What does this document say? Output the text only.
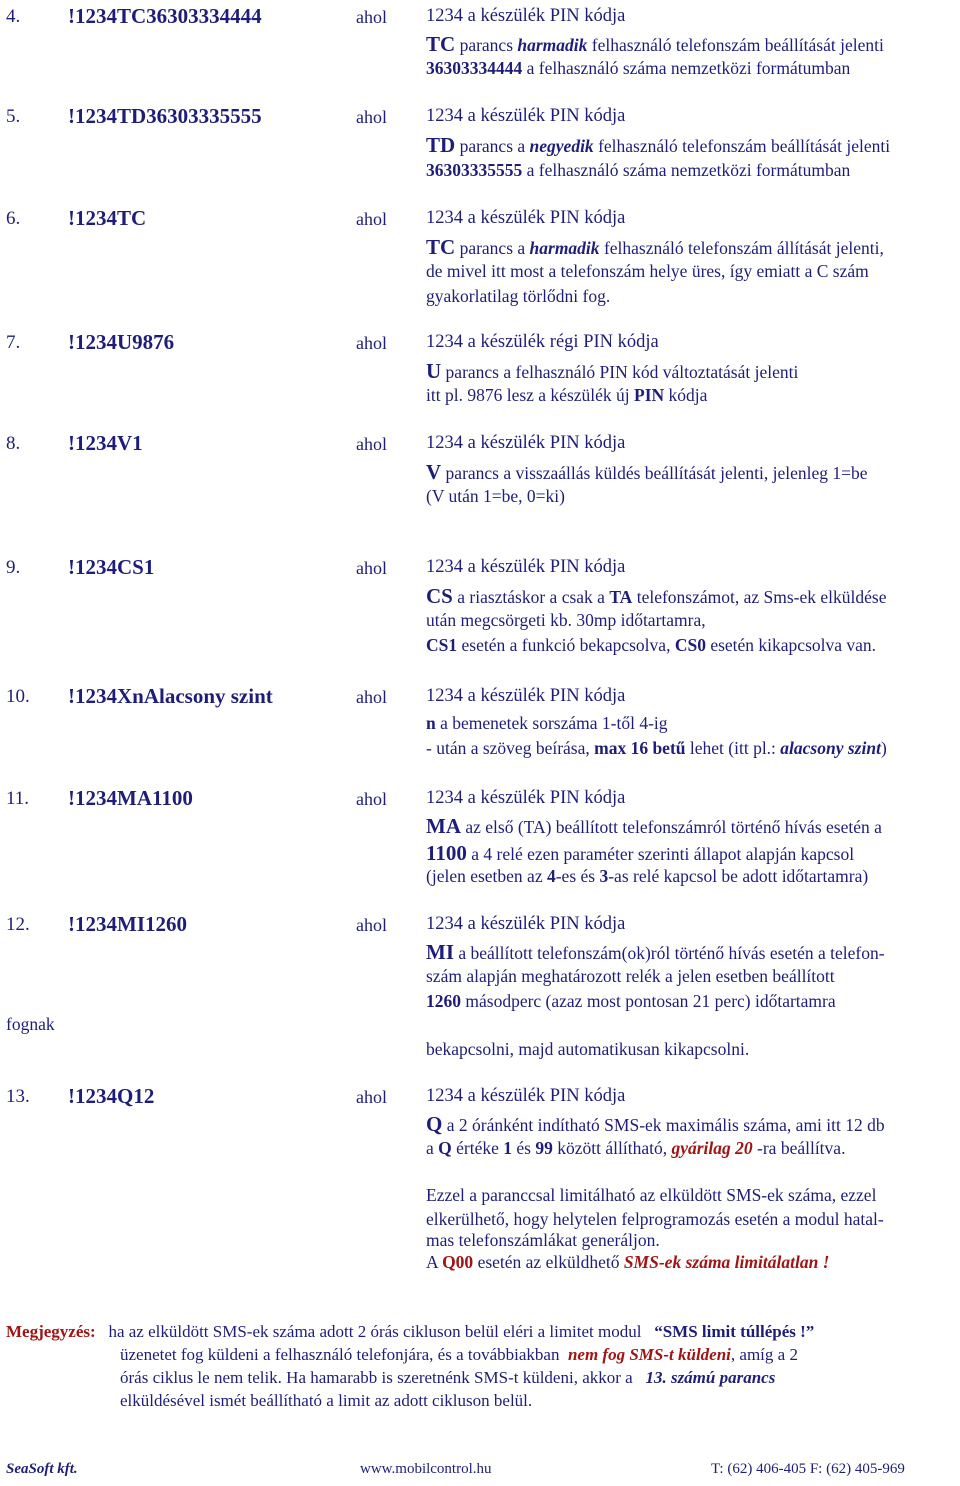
4. !1234TC36303334444	ahol 1234 a készülék PIN kódja
TC parancs harmadik felhasználó telefonszám beállítását jelenti
36303334444 a felhasználó száma nemzetközi formátumban
5. !1234TD36303335555	ahol 1234 a készülék PIN kódja
TD parancs a negyedik felhasználó telefonszám beállítását jelenti
36303335555 a felhasználó száma nemzetközi formátumban
6. !1234TC	ahol 1234 a készülék PIN kódja
TC parancs a harmadik felhasználó telefonszám állítását jelenti,
de mivel itt most a telefonszám helye üres, így emiatt a C szám
gyakorlatilag törlődni fog.
7. !1234U9876	ahol 1234 a készülék régi PIN kódja
U parancs a felhasználó PIN kód változtatását jelenti
itt pl. 9876 lesz a készülék új PIN kódja
8. !1234V1	ahol 1234 a készülék PIN kódja
V parancs a visszaállás küldés beállítását jelenti, jelenleg 1=be
(V után 1=be, 0=ki)
9. !1234CS1	ahol 1234 a készülék PIN kódja
CS a riasztáskor a csak a TA telefonszámot, az Sms-ek elküldése
után megcsörgeti kb. 30mp időtartamra,
CS1 esetén a funkció bekapcsolva, CS0 esetén kikapcsolva van.
10. !1234XnAlacsony szint	ahol 1234 a készülék PIN kódja
n a bemenetek sorszáma 1-től 4-ig
- után a szöveg beírása, max 16 betű lehet (itt pl.: alacsony szint)
11. !1234MA1100	ahol 1234 a készülék PIN kódja
MA az első (TA) beállított telefonszámról történő hívás esetén a
1100 a 4 relé ezen paraméter szerinti állapot alapján kapcsol
(jelen esetben az 4-es és 3-as relé kapcsol be adott időtartamra)
12. !1234MI1260	ahol 1234 a készülék PIN kódja
MI a beállított telefonszám(ok)ról történő hívás esetén a telefon-
szám alapján meghatározott relék a jelen esetben beállított
1260 másodperc (azaz most pontosan 21 perc) időtartamra
fognak
bekapcsolni, majd automatikusan kikapcsolni.
13. !1234Q12	ahol 1234 a készülék PIN kódja
Q a 2 óránként indítható SMS-ek maximális száma, ami itt 12 db
a Q értéke 1 és 99 között állítható, gyárilag 20 -ra beállítva.
Ezzel a paranccsal limitálható az elküldött SMS-ek száma, ezzel
elkerülhető, hogy helytelen felprogramozás esetén a modul hatal-
mas telefonszámlákat generáljon.
A Q00 esetén az elküldhető SMS-ek száma limitálatlan !
Megjegyzés: ha az elküldött SMS-ek száma adott 2 órás cikluson belül eléri a limitet modul “SMS limit túllépés !”
üzenetet fog küldeni a felhasználó telefonjára, és a továbbiakban nem fog SMS-t küldeni, amíg a 2
órás ciklus le nem telik. Ha hamarabb is szeretnénk SMS-t küldeni, akkor a 13. számú parancs
elküldésével ismét beállítható a limit az adott cikluson belül.
SeaSoft kft.	www.mobilcontrol.hu	T: (62) 406-405 F: (62) 405-969
